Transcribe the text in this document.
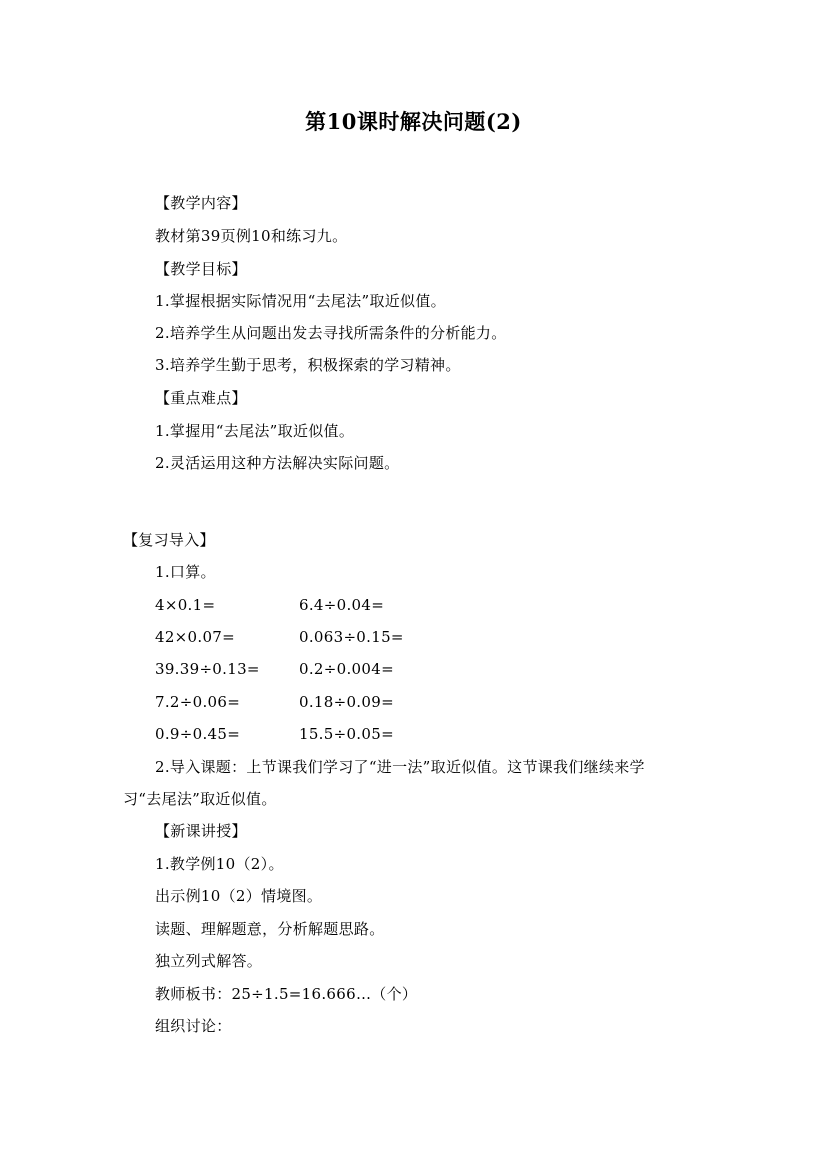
第10课时解决问题(2)
【教学内容】
教材第39页例10和练习九。
【教学目标】
1.掌握根据实际情况用“去尾法”取近似值。
2.培养学生从问题出发去寻找所需条件的分析能力。
3.培养学生勤于思考，积极探索的学习精神。
【重点难点】
1.掌握用“去尾法”取近似值。
2.灵活运用这种方法解决实际问题。
【复习导入】
1.口算。
4×0.1=	6.4÷0.04=
42×0.07=	0.063÷0.15=
39.39÷0.13=	0.2÷0.004=
7.2÷0.06=	0.18÷0.09=
0.9÷0.45=	15.5÷0.05=
2.导入课题：上节课我们学习了“进一法”取近似值。这节课我们继续来学
习“去尾法”取近似值。
【新课讲授】
1.教学例10（2）。
出示例10（2）情境图。
读题、理解题意，分析解题思路。
独立列式解答。
教师板书：25÷1.5=16.666…（个）
组织讨论：
